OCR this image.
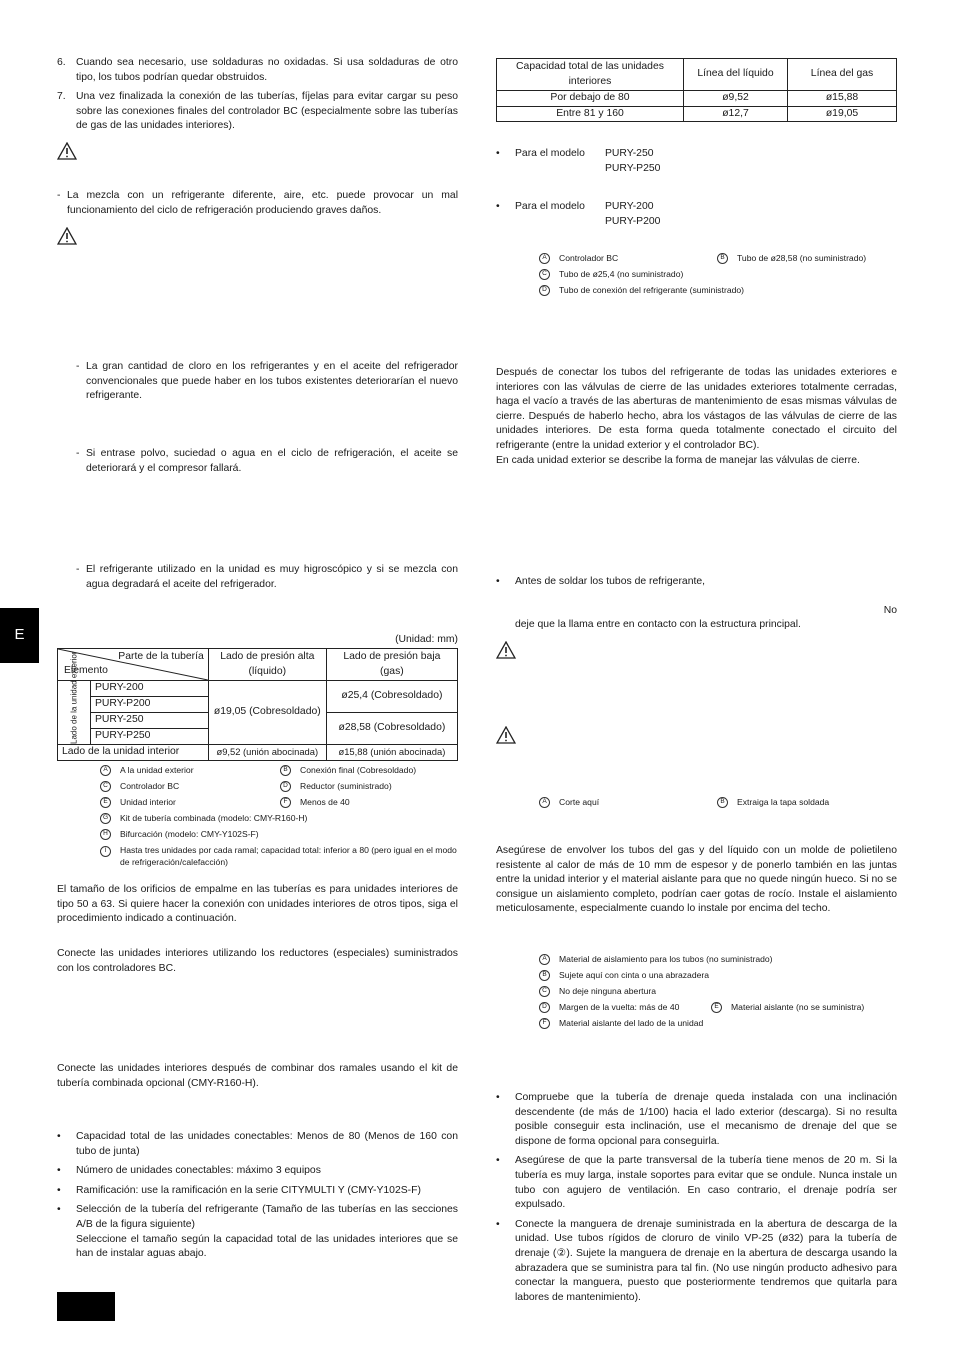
E
6. Cuando sea necesario, use soldaduras no oxidadas. Si usa soldaduras de otro tipo, los tubos podrían quedar obstruidos.
7. Una vez finalizada la conexión de las tuberías, fíjelas para evitar cargar su peso sobre las conexiones finales del controlador BC (especialmente sobre las tuberías de gas de las unidades interiores).
- La mezcla con un refrigerante diferente, aire, etc. puede provocar un mal funcionamiento del ciclo de refrigeración produciendo graves daños.
- La gran cantidad de cloro en los refrigerantes y en el aceite del refrigerador convencionales que puede haber en los tubos existentes deteriorarían el nuevo refrigerante.
- Si entrase polvo, suciedad o agua en el ciclo de refrigeración, el aceite se deteriorará y el compresor fallará.
- El refrigerante utilizado en la unidad es muy higroscópico y si se mezcla con agua degradará el aceite del refrigerador.
(Unidad: mm)
Parte de la tubería
Elemento		Lado de presión alta (líquido)	Lado de presión baja (gas)

Lado de la unidad exterior	PURY-200	ø19,05 (Cobresoldado)	ø25,4 (Cobresoldado)
	PURY-P200		
	PURY-250		ø28,58 (Cobresoldado)
	PURY-P250		
Lado de la unidad interior		ø9,52 (unión abocinada)	ø15,88 (unión abocinada)
A	A la unidad exterior	B	Conexión final (Cobresoldado)
C	Controlador BC	D	Reductor (suministrado)
E	Unidad interior	F	Menos de 40
G	Kit de tubería combinada (modelo: CMY-R160-H)
H	Bifurcación (modelo: CMY-Y102S-F)
I	Hasta tres unidades por cada ramal; capacidad total: inferior a 80 (pero igual en el modo de refrigeración/calefacción)
El tamaño de los orificios de empalme en las tuberías es para unidades interiores de tipo 50 a 63. Si quiere hacer la conexión con unidades interiores de otros tipos, siga el procedimiento indicado a continuación.
Conecte las unidades interiores utilizando los reductores (especiales) suministrados con los controladores BC.
Conecte las unidades interiores después de combinar dos ramales usando el kit de tubería combinada opcional (CMY-R160-H).
•	Capacidad total de las unidades conectables: Menos de 80 (Menos de 160 con tubo de junta)
•	Número de unidades conectables: máximo 3 equipos
•	Ramificación: use la ramificación en la serie CITYMULTI Y (CMY-Y102S-F)
•	Selección de la tubería del refrigerante (Tamaño de las tuberías en las secciones A/B de la figura siguiente)
Seleccione el tamaño según la capacidad total de las unidades interiores que se han de instalar aguas abajo.
Capacidad total de las unidades interiores	Línea del líquido	Línea del gas
Por debajo de 80	ø9,52	ø15,88
Entre 81 y 160	ø12,7	ø19,05
•	Para el modelo	PURY-250
PURY-P250
•	Para el modelo	PURY-200
PURY-P200
A	Controlador BC	B	Tubo de ø28,58 (no suministrado)
C	Tubo de ø25,4 (no suministrado)
D	Tubo de conexión del refrigerante (suministrado)
Después de conectar los tubos del refrigerante de todas las unidades exteriores e interiores con las válvulas de cierre de las unidades exteriores totalmente cerradas, haga el vacío a través de las aberturas de mantenimiento de esas mismas válvulas de cierre. Después de haberlo hecho, abra los vástagos de las válvulas de cierre de las unidades interiores. De esta forma queda totalmente conectado el circuito del refrigerante (entre la unidad exterior y el controlador BC).
En cada unidad exterior se describe la forma de manejar las válvulas de cierre.
•	Antes de soldar los tubos de refrigerante,
No
deje que la llama entre en contacto con la estructura principal.
A	Corte aquí	B	Extraiga la tapa soldada
Asegúrese de envolver los tubos del gas y del líquido con un molde de polietileno resistente al calor de más de 10 mm de espesor y de ponerlo también en las juntas entre la unidad interior y el material aislante para que no quede ningún hueco. Si no se consigue un aislamiento completo, podrían caer gotas de rocío. Instale el aislamiento meticulosamente, especialmente cuando lo instale por encima del techo.
A	Material de aislamiento para los tubos (no suministrado)
B	Sujete aquí con cinta o una abrazadera
C	No deje ninguna abertura
D	Margen de la vuelta: más de 40	E	Material aislante (no se suministra)
F	Material aislante del lado de la unidad
•	Compruebe que la tubería de drenaje queda instalada con una inclinación descendente (de más de 1/100) hacia el lado exterior (descarga). Si no resulta posible conseguir esta inclinación, use el mecanismo de drenaje del que se dispone de forma opcional para conseguirla.
•	Asegúrese de que la parte transversal de la tubería tiene menos de 20 m. Si la tubería es muy larga, instale soportes para evitar que se ondule. Nunca instale un tubo con agujero de ventilación. En caso contrario, el drenaje podría ser expulsado.
•	Conecte la manguera de drenaje suministrada en la abertura de descarga de la unidad. Use tubos rígidos de cloruro de vinilo VP-25 (ø32) para la tubería de drenaje (②). Sujete la manguera de drenaje en la abertura de descarga usando la abrazadera que se suministra para tal fin. (No use ningún producto adhesivo para conectar la manguera, puesto que posteriormente tendremos que quitarla para labores de mantenimiento).
